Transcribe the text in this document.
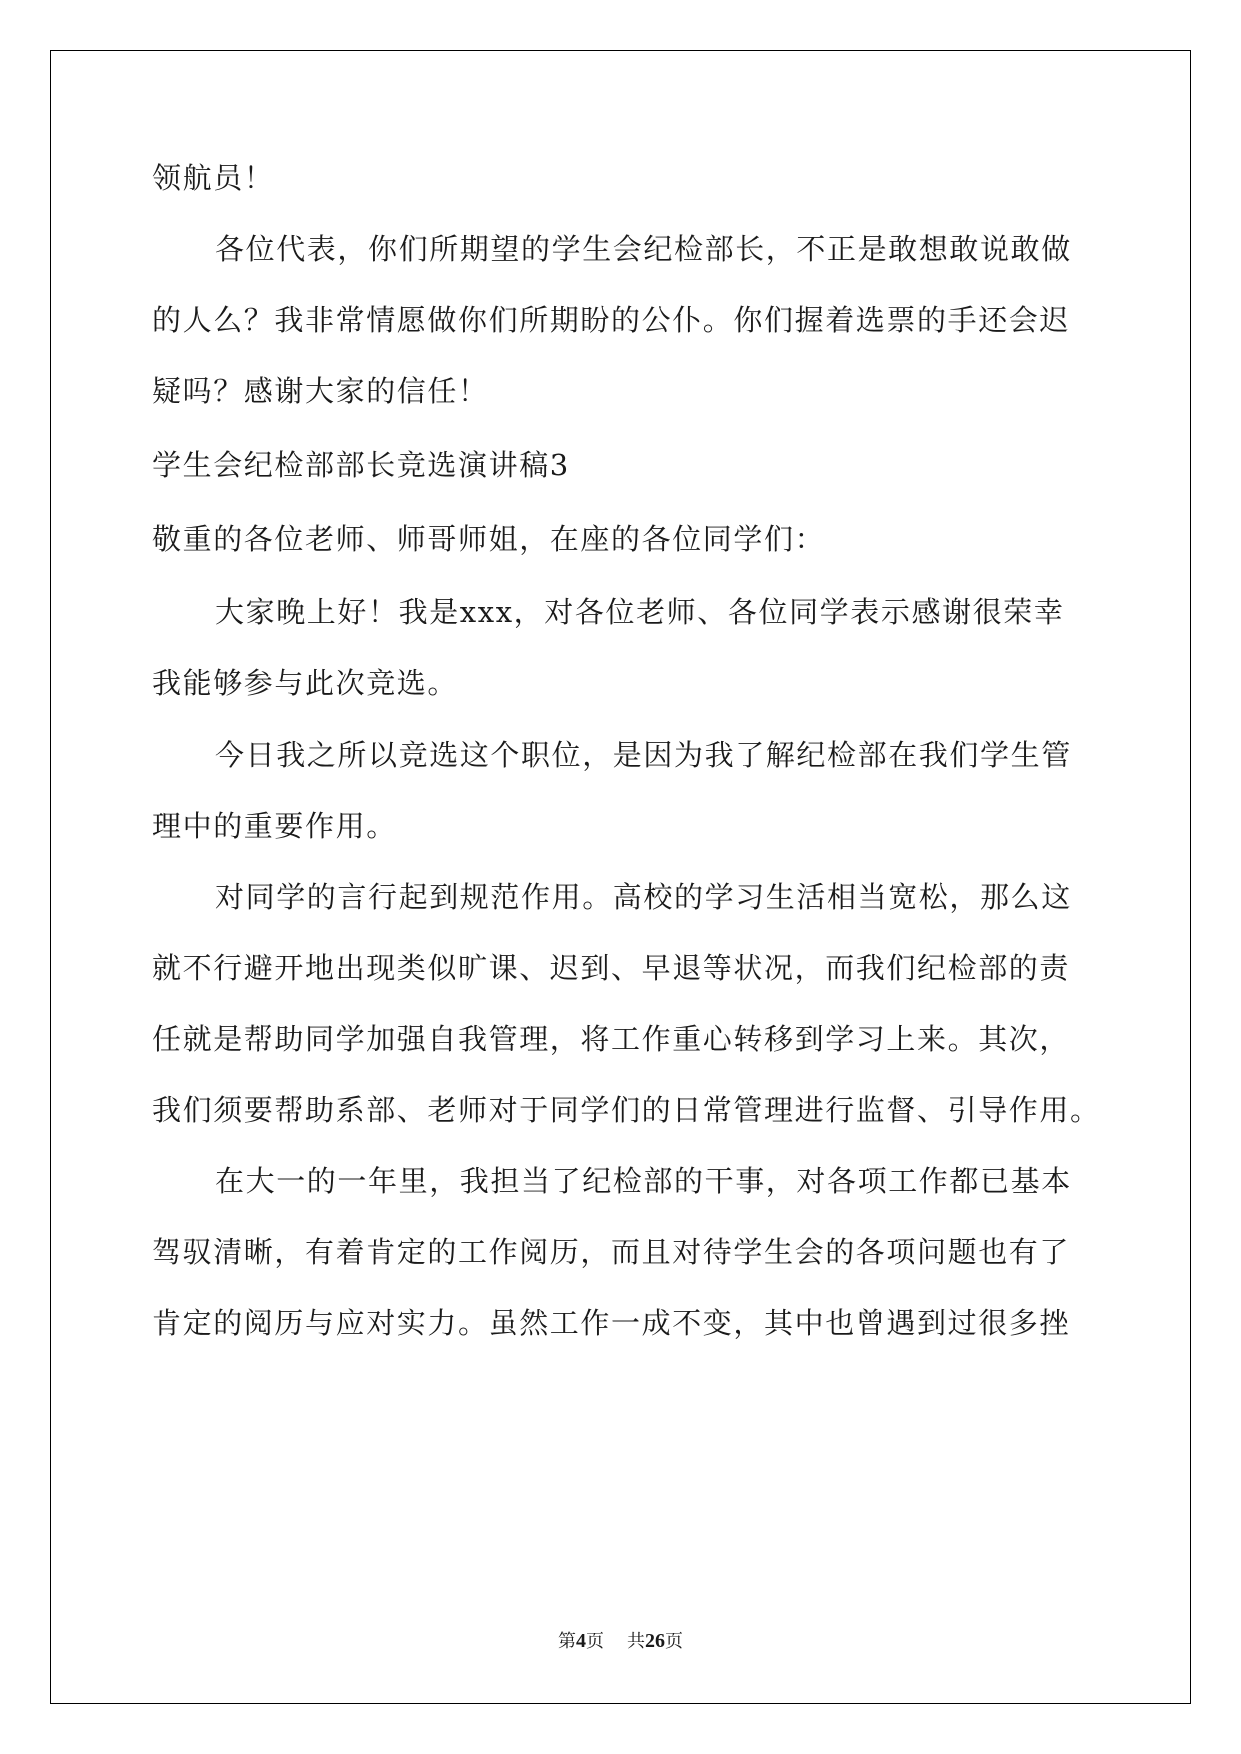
领航员！
各位代表，你们所期望的学生会纪检部长，不正是敢想敢说敢做
的人么？我非常情愿做你们所期盼的公仆。你们握着选票的手还会迟
疑吗？感谢大家的信任！
学生会纪检部部长竞选演讲稿3
敬重的各位老师、师哥师姐，在座的各位同学们：
大家晚上好！我是xxx，对各位老师、各位同学表示感谢很荣幸
我能够参与此次竞选。
今日我之所以竞选这个职位，是因为我了解纪检部在我们学生管
理中的重要作用。
对同学的言行起到规范作用。高校的学习生活相当宽松，那么这
就不行避开地出现类似旷课、迟到、早退等状况，而我们纪检部的责
任就是帮助同学加强自我管理，将工作重心转移到学习上来。其次，
我们须要帮助系部、老师对于同学们的日常管理进行监督、引导作用。
在大一的一年里，我担当了纪检部的干事，对各项工作都已基本
驾驭清晰，有着肯定的工作阅历，而且对待学生会的各项问题也有了
肯定的阅历与应对实力。虽然工作一成不变，其中也曾遇到过很多挫
第4页 共26页
